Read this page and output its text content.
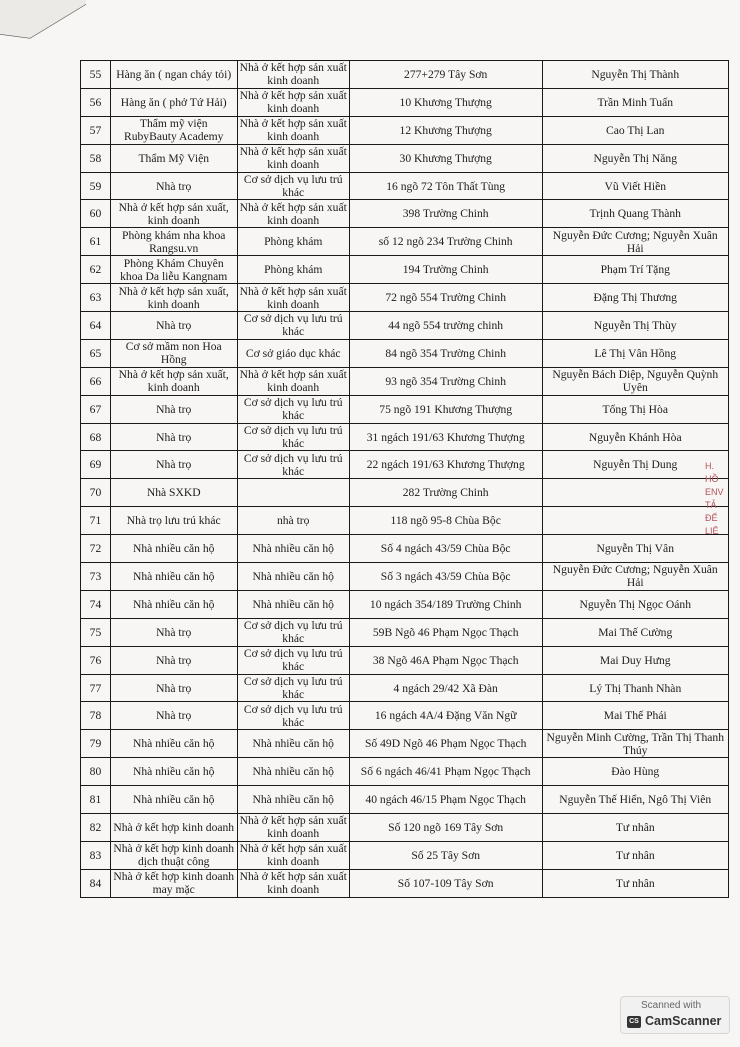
55	Hàng ăn ( ngan cháy tỏi)	Nhà ở kết hợp sản xuất kinh doanh	277+279 Tây Sơn	Nguyễn Thị Thành
56	Hàng ăn ( phở Tứ Hải)	Nhà ở kết hợp sản xuất kinh doanh	10 Khương Thượng	Trần Minh Tuấn
57	Thẩm mỹ viện RubyBauty Academy	Nhà ở kết hợp sản xuất kinh doanh	12 Khương Thượng	Cao Thị Lan
58	Thẩm Mỹ Viện	Nhà ở kết hợp sản xuất kinh doanh	30 Khương Thượng	Nguyễn Thị Năng
59	Nhà trọ	Cơ sở dịch vụ lưu trú khác	16 ngõ 72 Tôn Thất Tùng	Vũ Viết Hiền
60	Nhà ở kết hợp sản xuất, kinh doanh	Nhà ở kết hợp sản xuất kinh doanh	398 Trường Chinh	Trịnh Quang Thành
61	Phòng khám nha khoa Rangsu.vn	Phòng khám	số 12 ngõ 234 Trường Chinh	Nguyễn Đức Cương; Nguyễn Xuân Hải
62	Phòng Khám Chuyên khoa Da liễu Kangnam	Phòng khám	194 Trường Chinh	Phạm Trí Tặng
63	Nhà ở kết hợp sản xuất, kinh doanh	Nhà ở kết hợp sản xuất kinh doanh	72 ngõ 554 Trường Chinh	Đặng Thị Thương
64	Nhà trọ	Cơ sở dịch vụ lưu trú khác	44 ngõ 554 trường chinh	Nguyễn Thị Thùy
65	Cơ sở mầm non Hoa Hồng	Cơ sở giáo dục khác	84 ngõ 354 Trường Chinh	Lê Thị Vân Hồng
66	Nhà ở kết hợp sản xuất, kinh doanh	Nhà ở kết hợp sản xuất kinh doanh	93 ngõ 354 Trường Chinh	Nguyễn Bách Diệp, Nguyễn Quỳnh Uyên
67	Nhà trọ	Cơ sở dịch vụ lưu trú khác	75 ngõ 191 Khương Thượng	Tống Thị Hòa
68	Nhà trọ	Cơ sở dịch vụ lưu trú khác	31 ngách 191/63 Khương Thượng	Nguyễn Khánh Hòa
69	Nhà trọ	Cơ sở dịch vụ lưu trú khác	22 ngách 191/63 Khương Thượng	Nguyễn Thị Dung
70	Nhà SXKD		282 Trường Chinh	
71	Nhà trọ lưu trú khác	nhà trọ	118 ngõ 95-8 Chùa Bộc	
72	Nhà nhiều căn hộ	Nhà nhiều căn hộ	Số 4 ngách 43/59 Chùa Bộc	Nguyễn Thị Vân
73	Nhà nhiều căn hộ	Nhà nhiều căn hộ	Số 3 ngách 43/59 Chùa Bộc	Nguyễn Đức Cương; Nguyễn Xuân Hải
74	Nhà nhiều căn hộ	Nhà nhiều căn hộ	10 ngách 354/189 Trường Chinh	Nguyễn Thị Ngọc Oánh
75	Nhà trọ	Cơ sở dịch vụ lưu trú khác	59B Ngõ 46 Phạm Ngọc Thạch	Mai Thế Cường
76	Nhà trọ	Cơ sở dịch vụ lưu trú khác	38 Ngõ 46A Phạm Ngọc Thạch	Mai Duy Hưng
77	Nhà trọ	Cơ sở dịch vụ lưu trú khác	4 ngách 29/42 Xã Đàn	Lý Thị Thanh Nhàn
78	Nhà trọ	Cơ sở dịch vụ lưu trú khác	16 ngách 4A/4 Đặng Văn Ngữ	Mai Thế Phái
79	Nhà nhiều căn hộ	Nhà nhiều căn hộ	Số 49D Ngõ 46 Phạm Ngọc Thạch	Nguyễn Minh Cường, Trần Thị Thanh Thúy
80	Nhà nhiều căn hộ	Nhà nhiều căn hộ	Số 6 ngách 46/41 Phạm Ngọc Thạch	Đào Hùng
81	Nhà nhiều căn hộ	Nhà nhiều căn hộ	40 ngách 46/15 Phạm Ngọc Thạch	Nguyễn Thế Hiển, Ngô Thị Viên
82	Nhà ở kết hợp kinh doanh	Nhà ở kết hợp sản xuất kinh doanh	Số 120 ngõ 169 Tây Sơn	Tư nhân
83	Nhà ở kết hợp kinh doanh dịch thuật công	Nhà ở kết hợp sản xuất kinh doanh	Số 25 Tây Sơn	Tư nhân
84	Nhà ở kết hợp kinh doanh may mặc	Nhà ở kết hợp sản xuất kinh doanh	Số 107-109 Tây Sơn	Tư nhân
H.
HỒ
ENV
TẢ
ĐỂ
LIÊ
Scanned with
CS CamScanner
